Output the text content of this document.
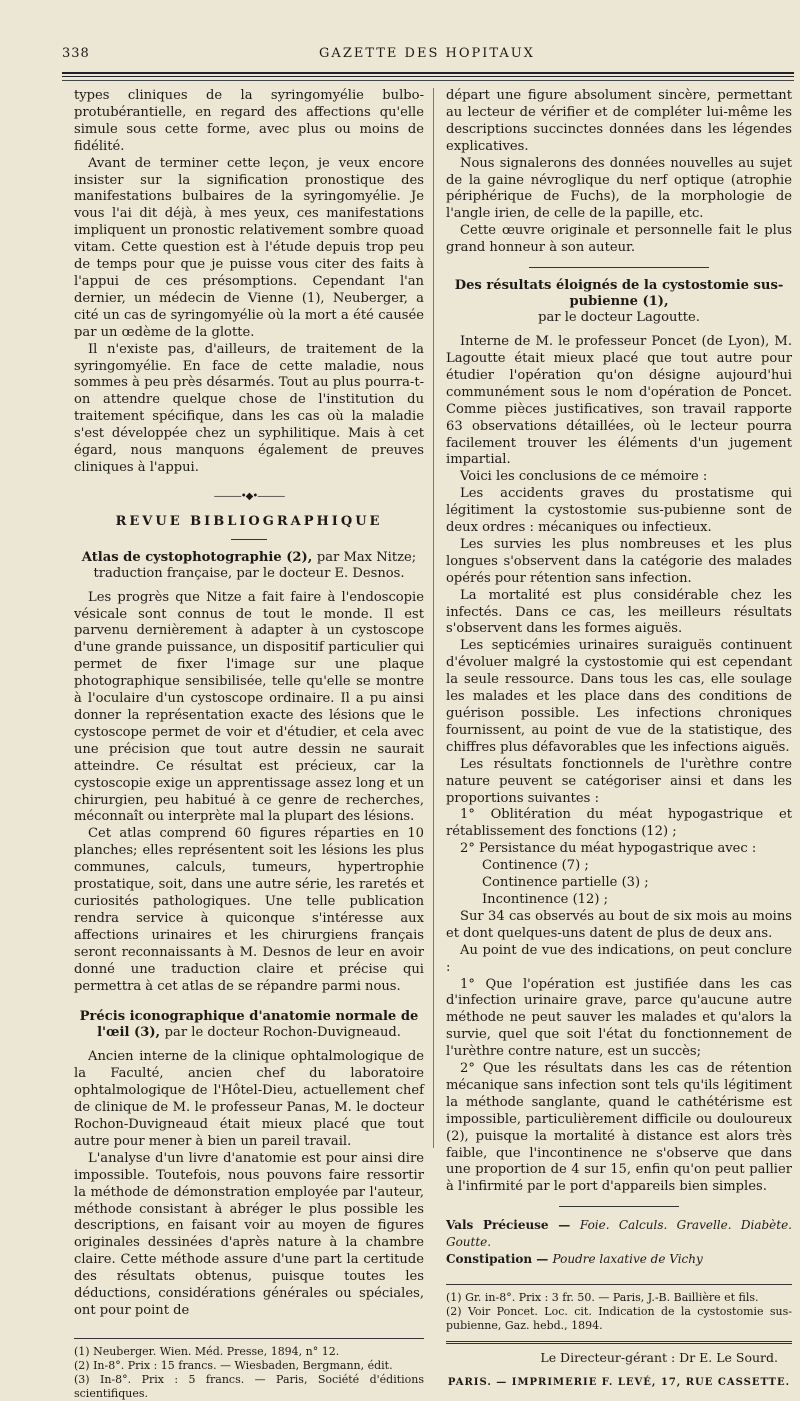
338	GAZETTE DES HOPITAUX

types cliniques de la syringomyélie bulbo-protubérantielle, en regard des affections qu'elle simule sous cette forme, avec plus ou moins de fidélité.

Avant de terminer cette leçon, je veux encore insister sur la signification pronostique des manifestations bulbaires de la syringomyélie. Je vous l'ai dit déjà, à mes yeux, ces manifestations impliquent un pronostic relativement sombre quoad vitam. Cette question est à l'étude depuis trop peu de temps pour que je puisse vous citer des faits à l'appui de ces présomptions. Cependant l'an dernier, un médecin de Vienne (1), Neuberger, a cité un cas de syringomyélie où la mort a été causée par un œdème de la glotte.

Il n'existe pas, d'ailleurs, de traitement de la syringomyélie. En face de cette maladie, nous sommes à peu près désarmés. Tout au plus pourra-t-on attendre quelque chose de l'institution du traitement spécifique, dans les cas où la maladie s'est développée chez un syphilitique. Mais à cet égard, nous manquons également de preuves cliniques à l'appui.

———•◆•———
REVUE BIBLIOGRAPHIQUE
Atlas de cystophotographie (2), par Max Nitze; traduction française, par le docteur E. Desnos.

Les progrès que Nitze a fait faire à l'endoscopie vésicale sont connus de tout le monde. Il est parvenu dernièrement à adapter à un cystoscope d'une grande puissance, un dispositif particulier qui permet de fixer l'image sur une plaque photographique sensibilisée, telle qu'elle se montre à l'oculaire d'un cystoscope ordinaire. Il a pu ainsi donner la représentation exacte des lésions que le cystoscope permet de voir et d'étudier, et cela avec une précision que tout autre dessin ne saurait atteindre. Ce résultat est précieux, car la cystoscopie exige un apprentissage assez long et un chirurgien, peu habitué à ce genre de recherches, méconnaît ou interprète mal la plupart des lésions.

Cet atlas comprend 60 figures réparties en 10 planches; elles représentent soit les lésions les plus communes, calculs, tumeurs, hypertrophie prostatique, soit, dans une autre série, les raretés et curiosités pathologiques. Une telle publication rendra service à quiconque s'intéresse aux affections urinaires et les chirurgiens français seront reconnaissants à M. Desnos de leur en avoir donné une traduction claire et précise qui permettra à cet atlas de se répandre parmi nous.

Précis iconographique d'anatomie normale de l'œil (3), par le docteur Rochon-Duvigneaud.

Ancien interne de la clinique ophtalmologique de la Faculté, ancien chef du laboratoire ophtalmologique de l'Hôtel-Dieu, actuellement chef de clinique de M. le professeur Panas, M. le docteur Rochon-Duvigneaud était mieux placé que tout autre pour mener à bien un pareil travail.

L'analyse d'un livre d'anatomie est pour ainsi dire impossible. Toutefois, nous pouvons faire ressortir la méthode de démonstration employée par l'auteur, méthode consistant à abréger le plus possible les descriptions, en faisant voir au moyen de figures originales dessinées d'après nature à la chambre claire. Cette méthode assure d'une part la certitude des résultats obtenus, puisque toutes les déductions, considérations générales ou spéciales, ont pour point de

(1) Neuberger. Wien. Méd. Presse, 1894, n° 12.

(2) In-8°. Prix : 15 francs. — Wiesbaden, Bergmann, édit.

(3) In-8°. Prix : 5 francs. — Paris, Société d'éditions scientifiques.

départ une figure absolument sincère, permettant au lecteur de vérifier et de compléter lui-même les descriptions succinctes données dans les légendes explicatives.

Nous signalerons des données nouvelles au sujet de la gaine névroglique du nerf optique (atrophie périphérique de Fuchs), de la morphologie de l'angle irien, de celle de la papille, etc.

Cette œuvre originale et personnelle fait le plus grand honneur à son auteur.

Des résultats éloignés de la cystostomie sus-pubienne (1),
par le docteur Lagoutte.

Interne de M. le professeur Poncet (de Lyon), M. Lagoutte était mieux placé que tout autre pour étudier l'opération qu'on désigne aujourd'hui communément sous le nom d'opération de Poncet. Comme pièces justificatives, son travail rapporte 63 observations détaillées, où le lecteur pourra facilement trouver les éléments d'un jugement impartial.

Voici les conclusions de ce mémoire :

Les accidents graves du prostatisme qui légitiment la cystostomie sus-pubienne sont de deux ordres : mécaniques ou infectieux.

Les survies les plus nombreuses et les plus longues s'observent dans la catégorie des malades opérés pour rétention sans infection.

La mortalité est plus considérable chez les infectés. Dans ce cas, les meilleurs résultats s'observent dans les formes aiguës.

Les septicémies urinaires suraiguës continuent d'évoluer malgré la cystostomie qui est cependant la seule ressource. Dans tous les cas, elle soulage les malades et les place dans des conditions de guérison possible. Les infections chroniques fournissent, au point de vue de la statistique, des chiffres plus défavorables que les infections aiguës.

Les résultats fonctionnels de l'urèthre contre nature peuvent se catégoriser ainsi et dans les proportions suivantes :

1° Oblitération du méat hypogastrique et rétablissement des fonctions (12) ;

2° Persistance du méat hypogastrique avec :

Continence (7) ;

Continence partielle (3) ;

Incontinence (12) ;

Sur 34 cas observés au bout de six mois au moins et dont quelques-uns datent de plus de deux ans.

Au point de vue des indications, on peut conclure :

1° Que l'opération est justifiée dans les cas d'infection urinaire grave, parce qu'aucune autre méthode ne peut sauver les malades et qu'alors la survie, quel que soit l'état du fonctionnement de l'urèthre contre nature, est un succès;

2° Que les résultats dans les cas de rétention mécanique sans infection sont tels qu'ils légitiment la méthode sanglante, quand le cathétérisme est impossible, particulièrement difficile ou douloureux (2), puisque la mortalité à distance est alors très faible, que l'incontinence ne s'observe que dans une proportion de 4 sur 15, enfin qu'on peut pallier à l'infirmité par le port d'appareils bien simples.

Vals Précieuse — Foie. Calculs. Gravelle. Diabète. Goutte.

Constipation — Poudre laxative de Vichy

(1) Gr. in-8°. Prix : 3 fr. 50. — Paris, J.-B. Baillière et fils.

(2) Voir Poncet. Loc. cit. Indication de la cystostomie sus-pubienne, Gaz. hebd., 1894.

Le Directeur-gérant : Dr E. Le Sourd.
PARIS. — IMPRIMERIE F. LEVÉ, 17, RUE CASSETTE.
